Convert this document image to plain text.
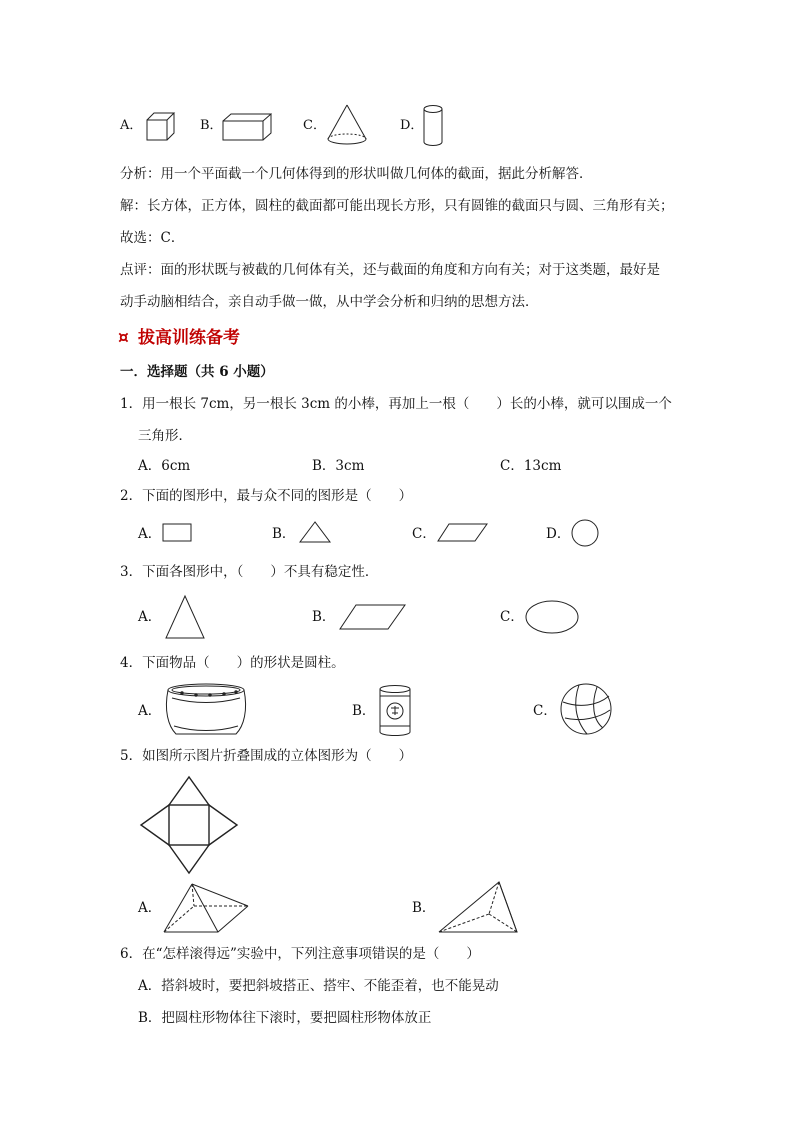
A．	B．	C．	D．
分析：用一个平面截一个几何体得到的形状叫做几何体的截面，据此分析解答．
解：长方体，正方体，圆柱的截面都可能出现长方形，只有圆锥的截面只与圆、三角形有关；
故选：C．
点评：面的形状既与被截的几何体有关，还与截面的角度和方向有关；对于这类题，最好是
动手动脑相结合，亲自动手做一做，从中学会分析和归纳的思想方法．
¤ 拔高训练备考
一．选择题（共 6 小题）
1．用一根长 7cm，另一根长 3cm 的小棒，再加上一根（　　）长的小棒，就可以围成一个
三角形．
A．6cm	B．3cm	C．13cm
2．下面的图形中，最与众不同的图形是（　　）
A．	B．	C．	D．
3．下面各图形中，（　　）不具有稳定性．
A．	B．	C．
4．下面物品（　　）的形状是圆柱。
A．	B．	C．
5．如图所示图片折叠围成的立体图形为（　　）
A．	B．
6．在“怎样滚得远”实验中，下列注意事项错误的是（　　）
A．搭斜坡时，要把斜坡搭正、搭牢、不能歪着，也不能晃动
B．把圆柱形物体往下滚时，要把圆柱形物体放正
